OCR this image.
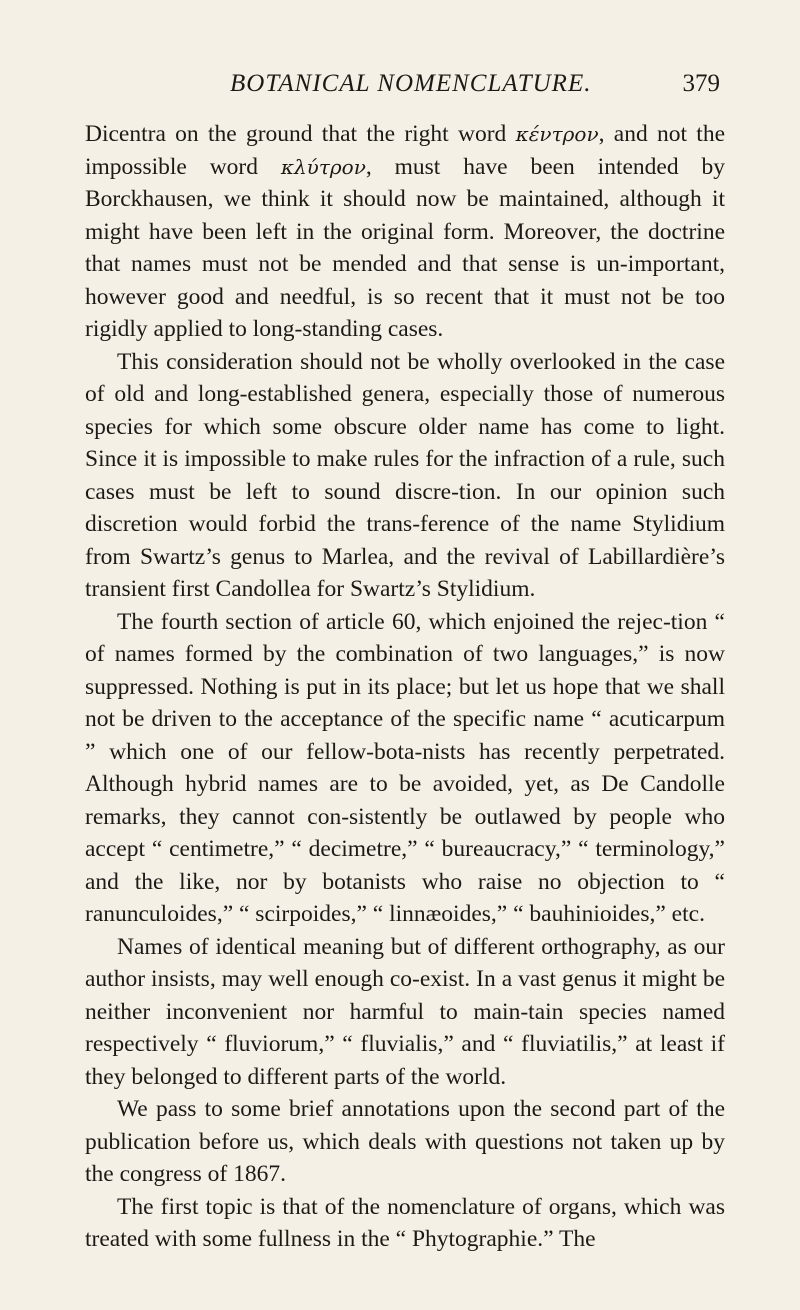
BOTANICAL NOMENCLATURE.	379

Dicentra on the ground that the right word κέντρον, and not the impossible word κλύτρον, must have been intended by Borckhausen, we think it should now be maintained, although it might have been left in the original form. Moreover, the doctrine that names must not be mended and that sense is un-important, however good and needful, is so recent that it must not be too rigidly applied to long-standing cases.

This consideration should not be wholly overlooked in the case of old and long-established genera, especially those of numerous species for which some obscure older name has come to light. Since it is impossible to make rules for the infraction of a rule, such cases must be left to sound discre-tion. In our opinion such discretion would forbid the trans-ference of the name Stylidium from Swartz’s genus to Marlea, and the revival of Labillardière’s transient first Candollea for Swartz’s Stylidium.

The fourth section of article 60, which enjoined the rejec-tion “ of names formed by the combination of two languages,” is now suppressed. Nothing is put in its place; but let us hope that we shall not be driven to the acceptance of the specific name “ acuticarpum ” which one of our fellow-bota-nists has recently perpetrated. Although hybrid names are to be avoided, yet, as De Candolle remarks, they cannot con-sistently be outlawed by people who accept “ centimetre,” “ decimetre,” “ bureaucracy,” “ terminology,” and the like, nor by botanists who raise no objection to “ ranunculoides,” “ scirpoides,” “ linnæoides,” “ bauhinioides,” etc.

Names of identical meaning but of different orthography, as our author insists, may well enough co-exist. In a vast genus it might be neither inconvenient nor harmful to main-tain species named respectively “ fluviorum,” “ fluvialis,” and “ fluviatilis,” at least if they belonged to different parts of the world.

We pass to some brief annotations upon the second part of the publication before us, which deals with questions not taken up by the congress of 1867.

The first topic is that of the nomenclature of organs, which was treated with some fullness in the “ Phytographie.” The
